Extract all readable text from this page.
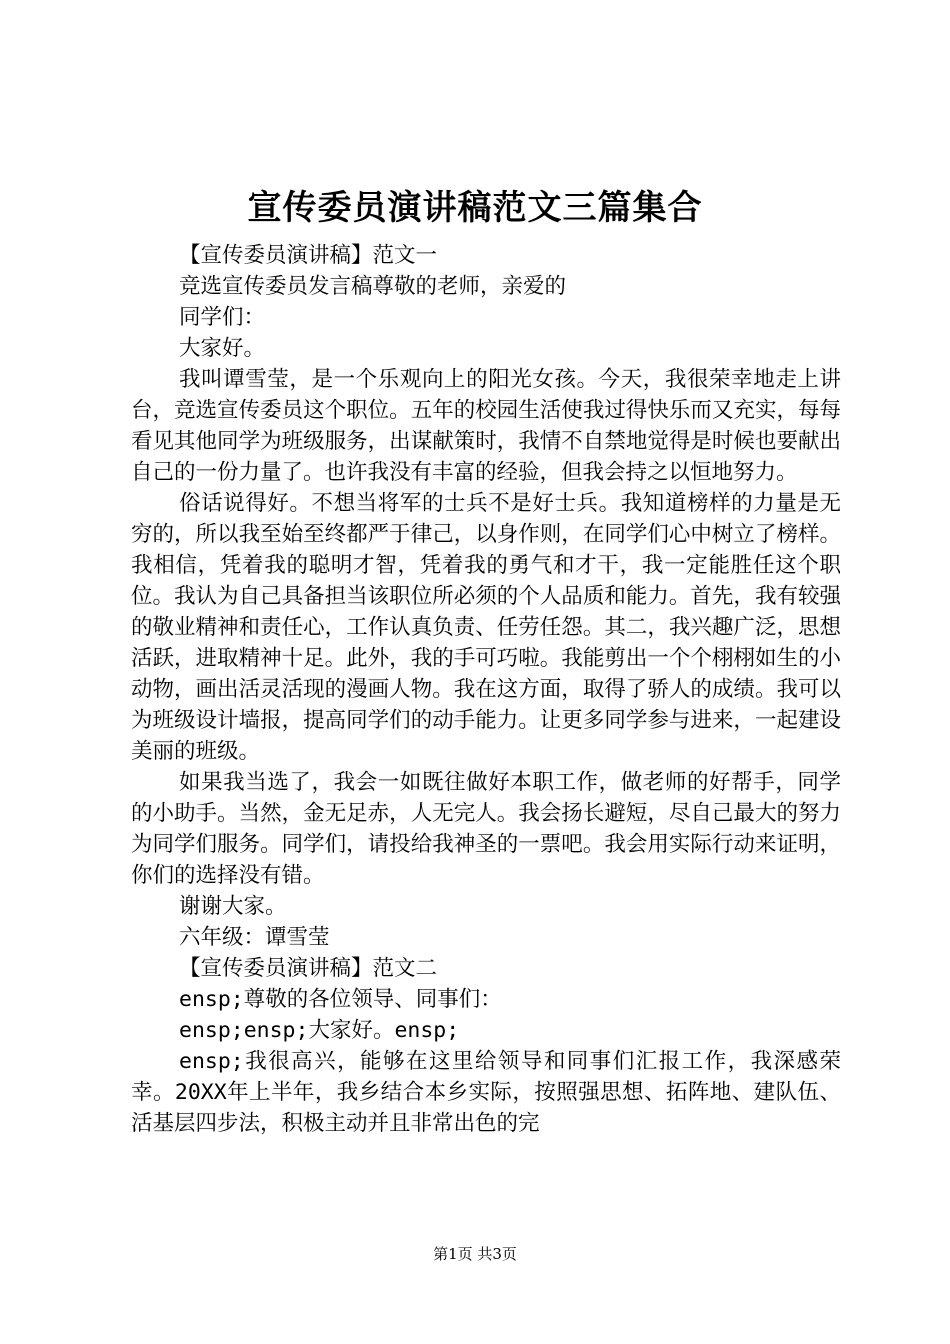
宣传委员演讲稿范文三篇集合

【宣传委员演讲稿】范文一

竞选宣传委员发言稿尊敬的老师，亲爱的

同学们：

大家好。

我叫谭雪莹，是一个乐观向上的阳光女孩。今天，我很荣幸地走上讲台，竞选宣传委员这个职位。五年的校园生活使我过得快乐而又充实，每每看见其他同学为班级服务，出谋献策时，我情不自禁地觉得是时候也要献出自己的一份力量了。也许我没有丰富的经验，但我会持之以恒地努力。

俗话说得好。不想当将军的士兵不是好士兵。我知道榜样的力量是无穷的，所以我至始至终都严于律己，以身作则，在同学们心中树立了榜样。我相信，凭着我的聪明才智，凭着我的勇气和才干，我一定能胜任这个职位。我认为自己具备担当该职位所必须的个人品质和能力。首先，我有较强的敬业精神和责任心，工作认真负责、任劳任怨。其二，我兴趣广泛，思想活跃，进取精神十足。此外，我的手可巧啦。我能剪出一个个栩栩如生的小动物，画出活灵活现的漫画人物。我在这方面，取得了骄人的成绩。我可以为班级设计墙报，提高同学们的动手能力。让更多同学参与进来，一起建设美丽的班级。

如果我当选了，我会一如既往做好本职工作，做老师的好帮手，同学的小助手。当然，金无足赤，人无完人。我会扬长避短，尽自己最大的努力为同学们服务。同学们，请投给我神圣的一票吧。我会用实际行动来证明，你们的选择没有错。

谢谢大家。

六年级：谭雪莹

【宣传委员演讲稿】范文二

ensp;尊敬的各位领导、同事们：

ensp;ensp;大家好。ensp;

ensp;我很高兴，能够在这里给领导和同事们汇报工作，我深感荣幸。20XX年上半年，我乡结合本乡实际，按照强思想、拓阵地、建队伍、活基层四步法，积极主动并且非常出色的完

第1页 共3页
